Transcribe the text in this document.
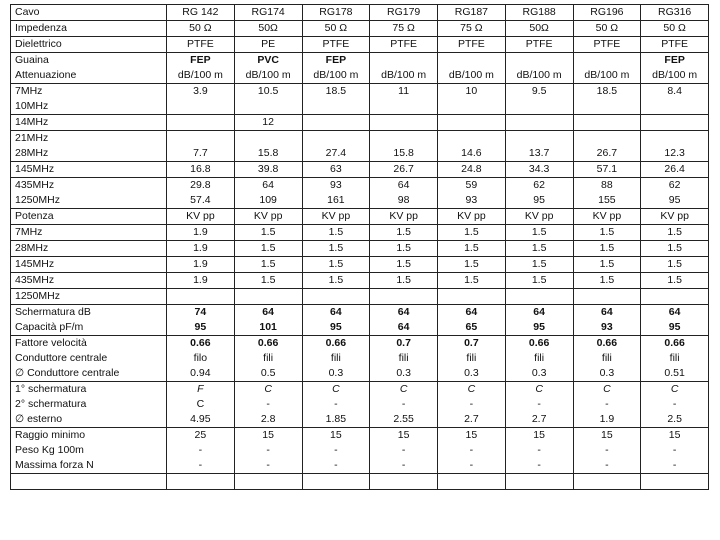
Cavo	RG 142	RG174	RG178	RG179	RG187	RG188	RG196	RG316
Impedenza	50 Ω	50Ω	50 Ω	75 Ω	75 Ω	50Ω	50 Ω	50 Ω
Dielettrico	PTFE	PE	PTFE	PTFE	PTFE	PTFE	PTFE	PTFE
Guaina	FEP	PVC	FEP					FEP
Attenuazione	dB/100 m	dB/100 m	dB/100 m	dB/100 m	dB/100 m	dB/100 m	dB/100 m	dB/100 m
7MHz	3.9	10.5	18.5	11	10	9.5	18.5	8.4
10MHz								
14MHz		12						
21MHz								
28MHz	7.7	15.8	27.4	15.8	14.6	13.7	26.7	12.3
145MHz	16.8	39.8	63	26.7	24.8	34.3	57.1	26.4
435MHz	29.8	64	93	64	59	62	88	62
1250MHz	57.4	109	161	98	93	95	155	95
Potenza	KV pp	KV pp	KV pp	KV pp	KV pp	KV pp	KV pp	KV pp
7MHz	1.9	1.5	1.5	1.5	1.5	1.5	1.5	1.5
28MHz	1.9	1.5	1.5	1.5	1.5	1.5	1.5	1.5
145MHz	1.9	1.5	1.5	1.5	1.5	1.5	1.5	1.5
435MHz	1.9	1.5	1.5	1.5	1.5	1.5	1.5	1.5
1250MHz								
Schermatura dB	74	64	64	64	64	64	64	64
Capacità pF/m	95	101	95	64	65	95	93	95
Fattore velocità	0.66	0.66	0.66	0.7	0.7	0.66	0.66	0.66
Conduttore centrale	filo	fili	fili	fili	fili	fili	fili	fili
∅ Conduttore centrale	0.94	0.5	0.3	0.3	0.3	0.3	0.3	0.51
1° schermatura	F	C	C	C	C	C	C	C
2° schermatura	C	-	-	-	-	-	-	-
∅ esterno	4.95	2.8	1.85	2.55	2.7	2.7	1.9	2.5
Raggio minimo	25	15	15	15	15	15	15	15
Peso Kg 100m	-	-	-	-	-	-	-	-
Massima forza N	-	-	-	-	-	-	-	-
